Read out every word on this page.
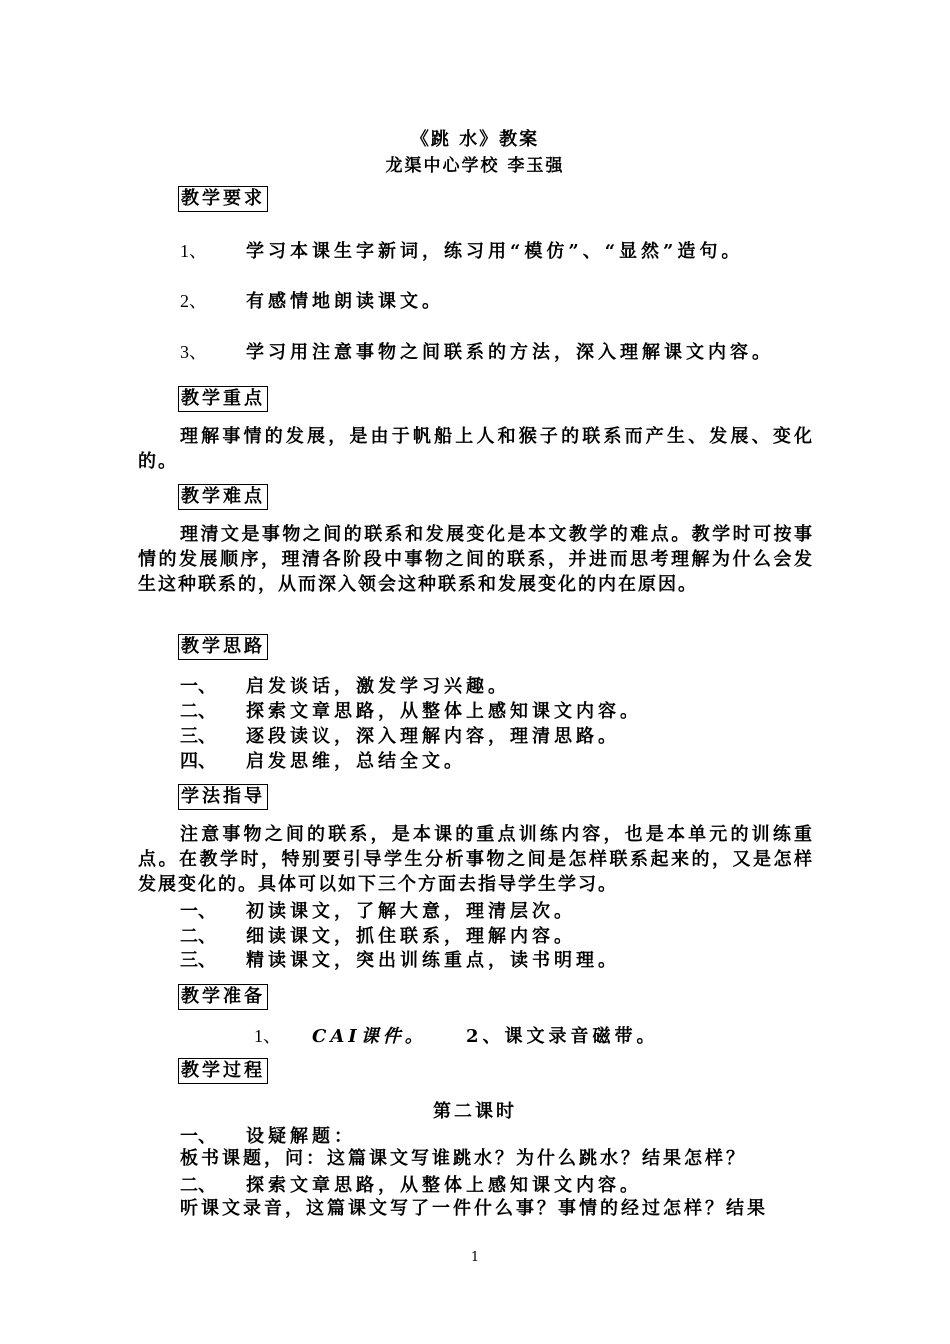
《跳 水》教案
龙渠中心学校 李玉强
教学要求
1、 学习本课生字新词，练习用“模仿”、“显然”造句。
2、 有感情地朗读课文。
3、 学习用注意事物之间联系的方法，深入理解课文内容。
教学重点
理解事情的发展，是由于帆船上人和猴子的联系而产生、发展、变化的。
教学难点
理清文是事物之间的联系和发展变化是本文教学的难点。教学时可按事情的发展顺序，理清各阶段中事物之间的联系，并进而思考理解为什么会发生这种联系的，从而深入领会这种联系和发展变化的内在原因。
教学思路
一、 启发谈话，激发学习兴趣。
二、 探索文章思路，从整体上感知课文内容。
三、 逐段读议，深入理解内容，理清思路。
四、 启发思维，总结全文。
学法指导
注意事物之间的联系，是本课的重点训练内容，也是本单元的训练重点。在教学时，特别要引导学生分析事物之间是怎样联系起来的，又是怎样发展变化的。具体可以如下三个方面去指导学生学习。
一、 初读课文，了解大意，理清层次。
二、 细读课文，抓住联系，理解内容。
三、 精读课文，突出训练重点，读书明理。
教学准备
1、 CAI课件。 2、课文录音磁带。
教学过程
第二课时
一、 设疑解题：
板书课题，问：这篇课文写谁跳水？为什么跳水？结果怎样？
二、 探索文章思路，从整体上感知课文内容。
听课文录音，这篇课文写了一件什么事？事情的经过怎样？结果
1
